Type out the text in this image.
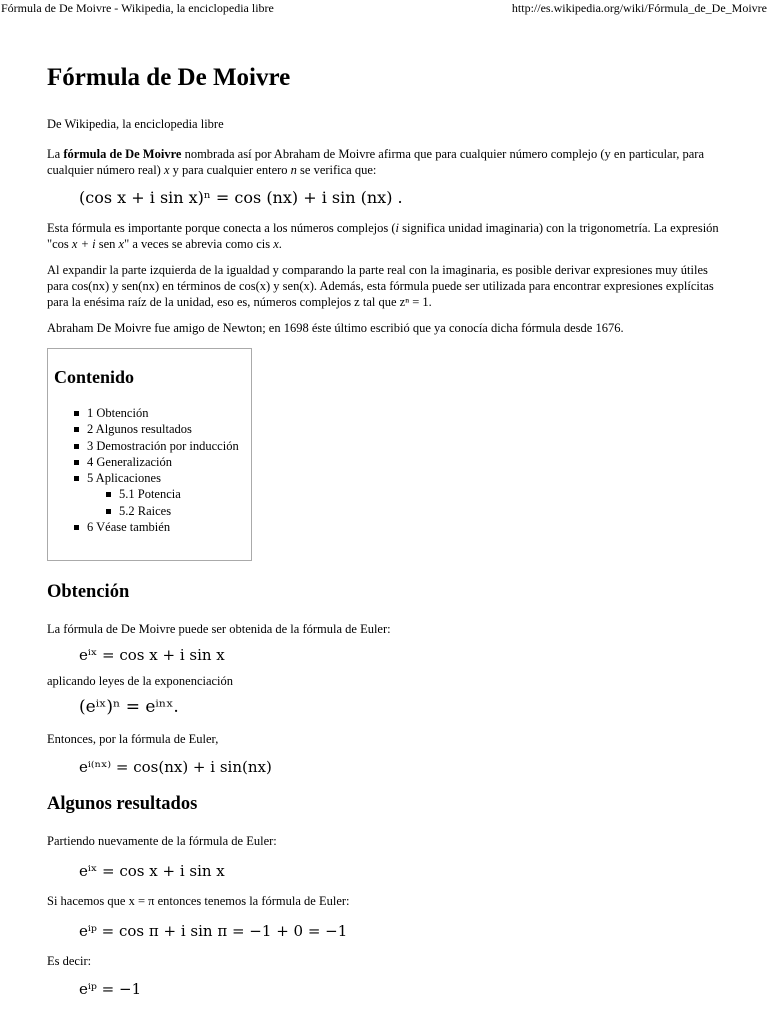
Fórmula de De Moivre - Wikipedia, la enciclopedia libre	http://es.wikipedia.org/wiki/Fórmula_de_De_Moivre
Fórmula de De Moivre

De Wikipedia, la enciclopedia libre

La fórmula de De Moivre nombrada así por Abraham de Moivre afirma que para cualquier número complejo (y en particular, para cualquier número real) x y para cualquier entero n se verifica que:

(cos x + i sin x)ⁿ = cos (nx) + i sin (nx) .

Esta fórmula es importante porque conecta a los números complejos (i significa unidad imaginaria) con la trigonometría. La expresión "cos x + i sen x" a veces se abrevia como cis x.

Al expandir la parte izquierda de la igualdad y comparando la parte real con la imaginaria, es posible derivar expresiones muy útiles para cos(nx) y sen(nx) en términos de cos(x) y sen(x). Además, esta fórmula puede ser utilizada para encontrar expresiones explícitas para la enésima raíz de la unidad, eso es, números complejos z tal que zⁿ = 1.

Abraham De Moivre fue amigo de Newton; en 1698 éste último escribió que ya conocía dicha fórmula desde 1676.

Contenido
1 Obtención
2 Algunos resultados
3 Demostración por inducción
4 Generalización
5 Aplicaciones
5.1 Potencia
5.2 Raices
6 Véase también
Obtención

La fórmula de De Moivre puede ser obtenida de la fórmula de Euler:

eⁱˣ = cos x + i sin x

aplicando leyes de la exponenciación

(eⁱˣ)ⁿ = eⁱⁿˣ.

Entonces, por la fórmula de Euler,

eⁱ⁽ⁿˣ⁾ = cos(nx) + i sin(nx)
Algunos resultados

Partiendo nuevamente de la fórmula de Euler:

eⁱˣ = cos x + i sin x

Si hacemos que x = π entonces tenemos la fórmula de Euler:

eⁱᵖ = cos π + i sin π = −1 + 0 = −1

Es decir:

eⁱᵖ = −1
